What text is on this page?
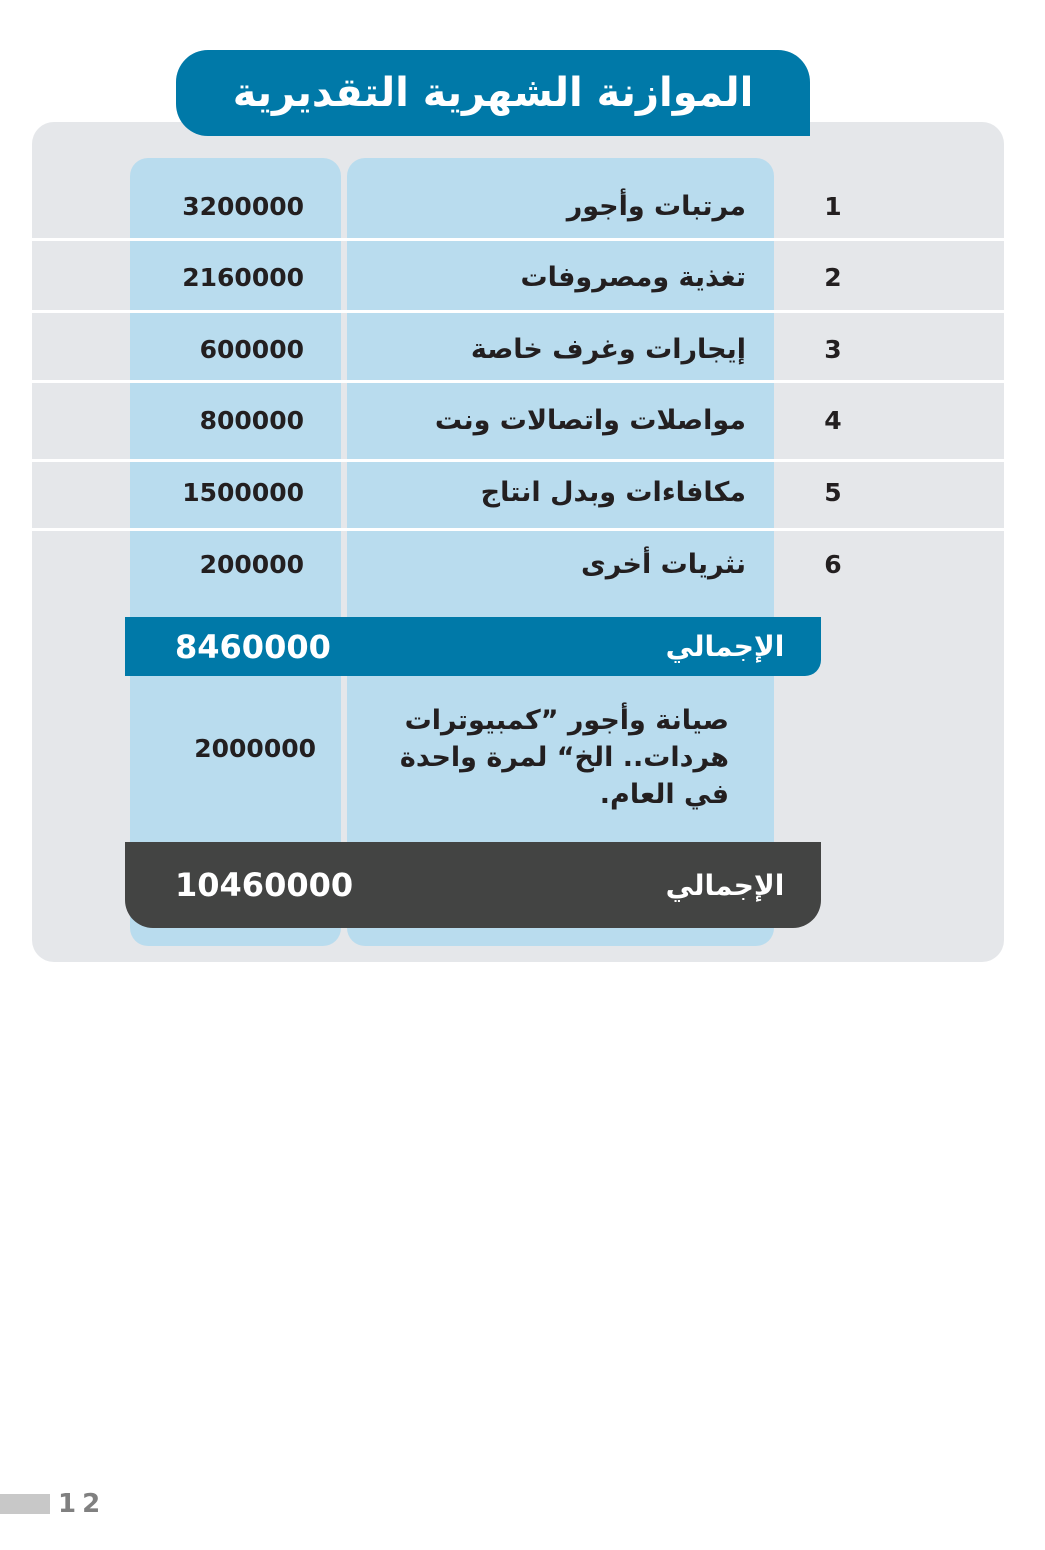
الموازنة الشهرية التقديرية
1
مرتبات وأجور
3200000
2
تغذية ومصروفات
2160000
3
إيجارات وغرف خاصة
600000
4
مواصلات واتصالات ونت
800000
5
مكافاءات وبدل انتاج
1500000
6
نثريات أخرى
200000
الإجمالي
8460000
صيانة وأجور ”كمبيوترات هردات.. الخ“ لمرة واحدة في العام.
2000000
الإجمالي
10460000
12
